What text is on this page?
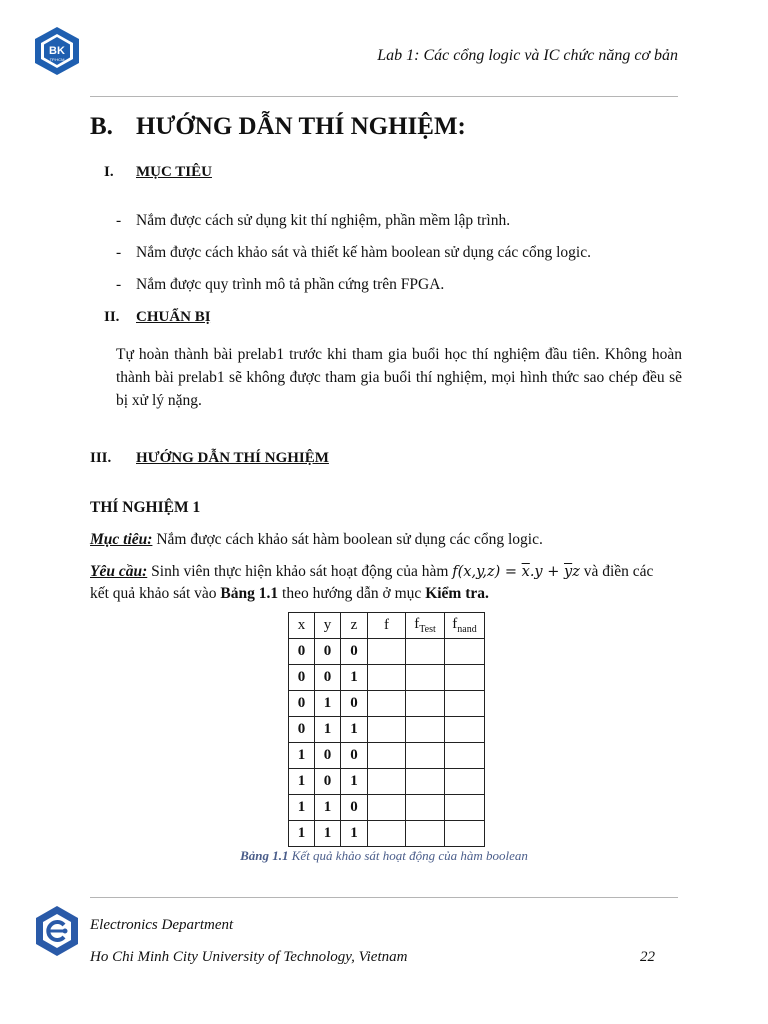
BK
TP.HCM	Lab 1: Các cổng logic và IC chức năng cơ bản
B. HƯỚNG DẪN THÍ NGHIỆM:
I. MỤC TIÊU
- Nắm được cách sử dụng kit thí nghiệm, phần mềm lập trình.
- Nắm được cách khảo sát và thiết kế hàm boolean sử dụng các cổng logic.
- Nắm được quy trình mô tả phần cứng trên FPGA.
II. CHUẨN BỊ
Tự hoàn thành bài prelab1 trước khi tham gia buổi học thí nghiệm đầu tiên. Không hoàn thành bài prelab1 sẽ không được tham gia buổi thí nghiệm, mọi hình thức sao chép đều sẽ bị xử lý nặng.
III. HƯỚNG DẪN THÍ NGHIỆM
THÍ NGHIỆM 1
Mục tiêu: Nắm được cách khảo sát hàm boolean sử dụng các cổng logic.
Yêu cầu: Sinh viên thực hiện khảo sát hoạt động của hàm $f(x,y,z) = \overline{x}.y + \overline{y}z$ và điền các
kết quả khảo sát vào Bảng 1.1 theo hướng dẫn ở mục Kiểm tra.
x	y	z	f	$f_{Test}$	$f_{nand}$
0	0	0			
0	0	1			
0	1	0			
0	1	1			
1	0	0			
1	0	1			
1	1	0			
1	1	1			
Bảng 1.1 Kết quả khảo sát hoạt động của hàm boolean
Electronics Department
Ho Chi Minh City University of Technology, Vietnam	22
